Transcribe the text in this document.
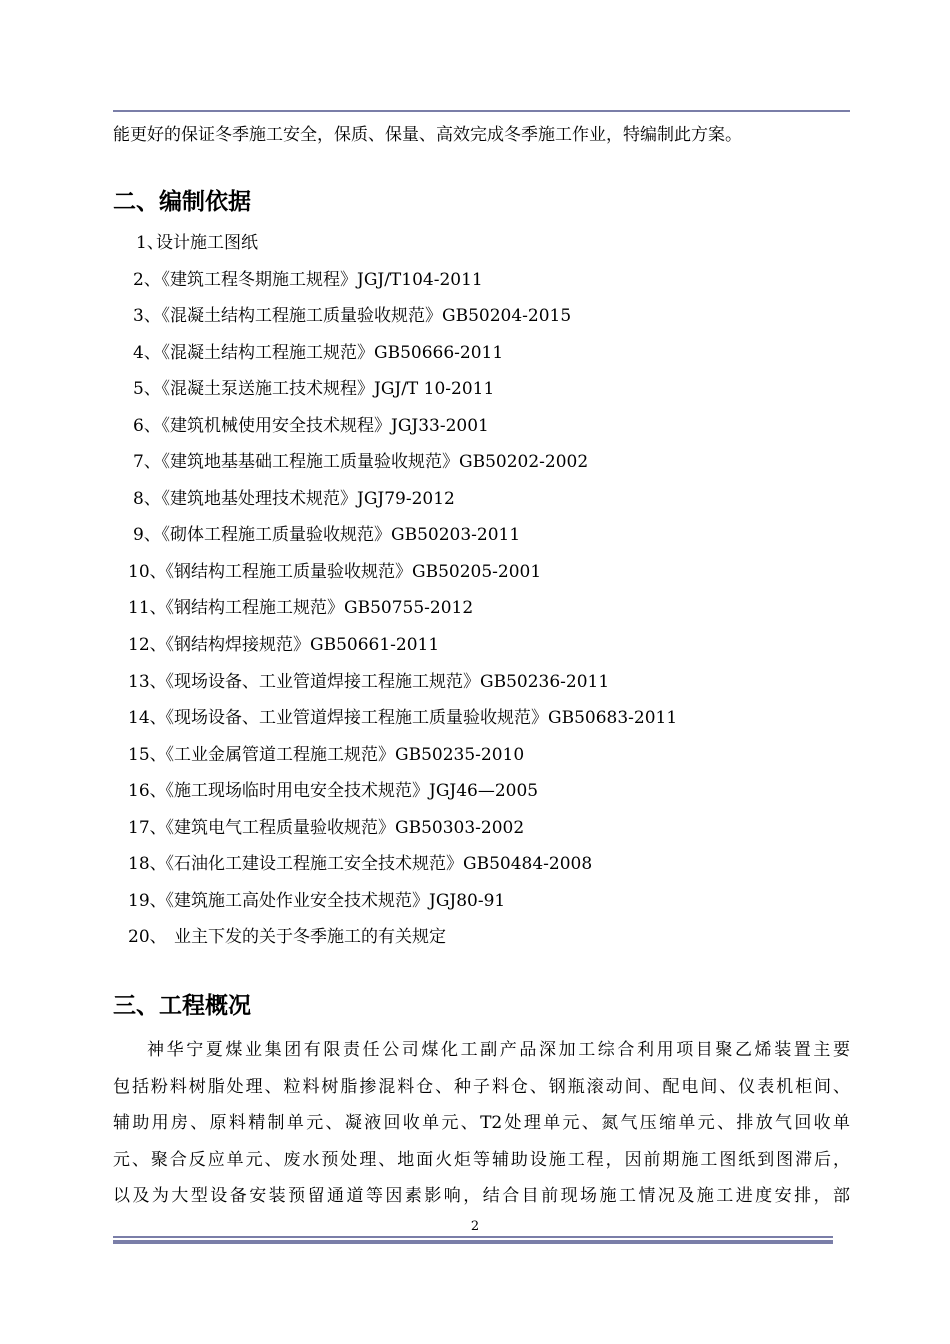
能更好的保证冬季施工安全，保质、保量、高效完成冬季施工作业，特编制此方案。
二、编制依据
1、设计施工图纸
2、《建筑工程冬期施工规程》JGJ/T104-2011
3、《混凝土结构工程施工质量验收规范》GB50204-2015
4、《混凝土结构工程施工规范》GB50666-2011
5、《混凝土泵送施工技术规程》JGJ/T 10-2011
6、《建筑机械使用安全技术规程》JGJ33-2001
7、《建筑地基基础工程施工质量验收规范》GB50202-2002
8、《建筑地基处理技术规范》JGJ79-2012
9、《砌体工程施工质量验收规范》GB50203-2011
10、《钢结构工程施工质量验收规范》GB50205-2001
11、《钢结构工程施工规范》GB50755-2012
12、《钢结构焊接规范》GB50661-2011
13、《现场设备、工业管道焊接工程施工规范》GB50236-2011
14、《现场设备、工业管道焊接工程施工质量验收规范》GB50683-2011
15、《工业金属管道工程施工规范》GB50235-2010
16、《施工现场临时用电安全技术规范》JGJ46—2005
17、《建筑电气工程质量验收规范》GB50303-2002
18、《石油化工建设工程施工安全技术规范》GB50484-2008
19、《建筑施工高处作业安全技术规范》JGJ80-91
20、　业主下发的关于冬季施工的有关规定
三、工程概况
神华宁夏煤业集团有限责任公司煤化工副产品深加工综合利用项目聚乙烯装置主要
包括粉料树脂处理、粒料树脂掺混料仓、种子料仓、钢瓶滚动间、配电间、仪表机柜间、
辅助用房、原料精制单元、凝液回收单元、T2处理单元、氮气压缩单元、排放气回收单
元、聚合反应单元、废水预处理、地面火炬等辅助设施工程，因前期施工图纸到图滞后，
以及为大型设备安装预留通道等因素影响，结合目前现场施工情况及施工进度安排，部
2
